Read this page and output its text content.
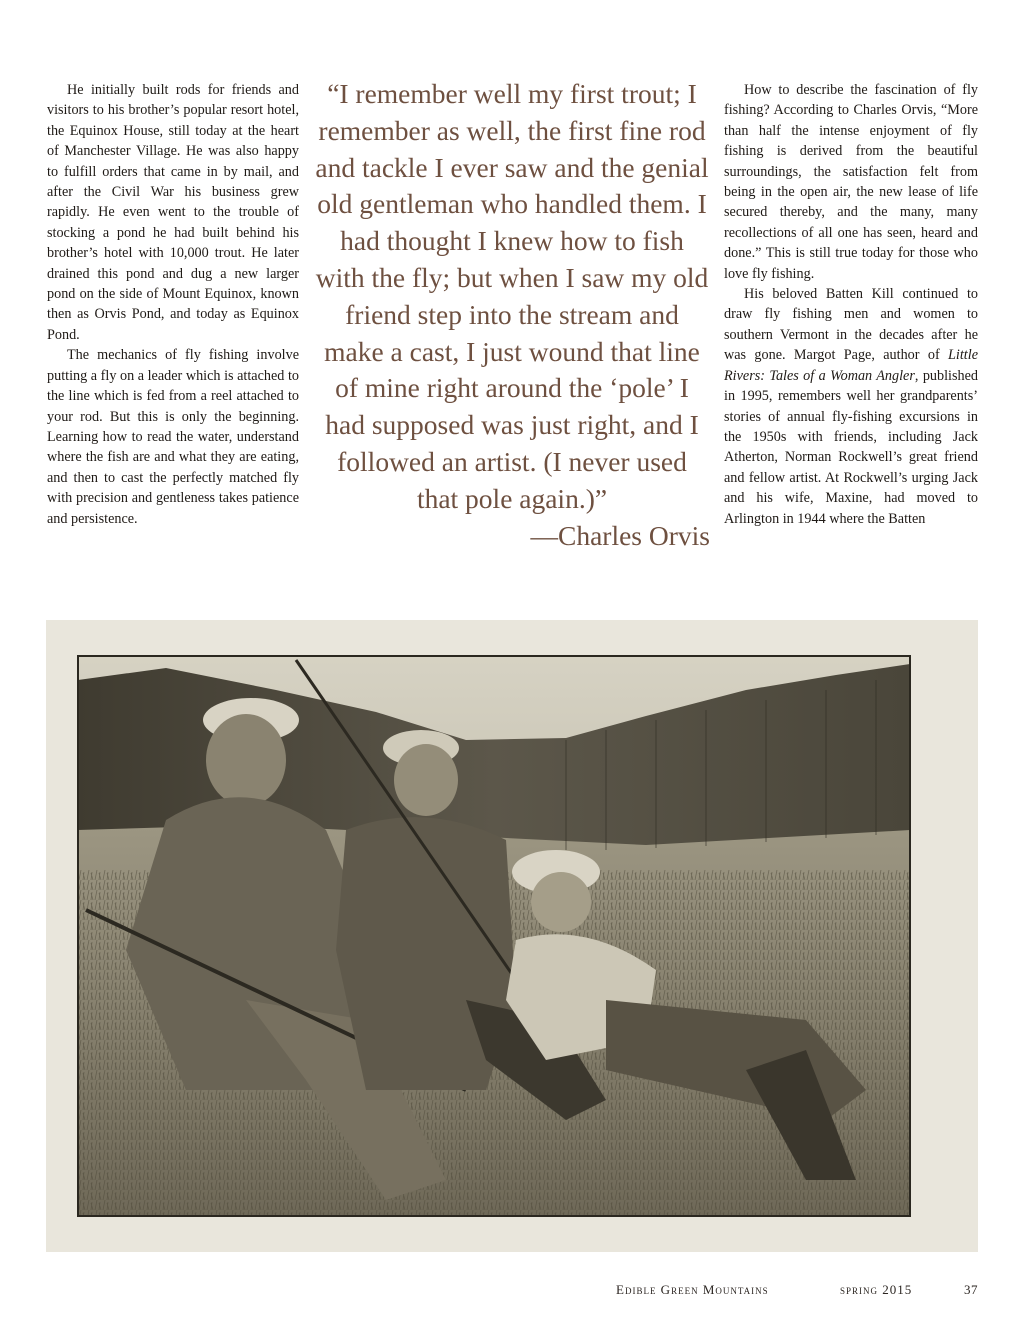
He initially built rods for friends and visitors to his brother’s popular resort hotel, the Equinox House, still today at the heart of Manchester Village. He was also happy to fulfill orders that came in by mail, and after the Civil War his business grew rapidly. He even went to the trouble of stocking a pond he had built behind his brother’s hotel with 10,000 trout. He later drained this pond and dug a new larger pond on the side of Mount Equinox, known then as Orvis Pond, and today as Equinox Pond.

The mechanics of fly fishing involve putting a fly on a leader which is attached to the line which is fed from a reel attached to your rod. But this is only the beginning. Learning how to read the water, understand where the fish are and what they are eating, and then to cast the perfectly matched fly with precision and gentleness takes patience and persistence.

“I remember well my first trout; I remember as well, the first fine rod and tackle I ever saw and the genial old gentleman who handled them. I had thought I knew how to fish with the fly; but when I saw my old friend step into the stream and make a cast, I just wound that line of mine right around the ‘pole’ I had supposed was just right, and I followed an artist. (I never used that pole again.)”

—Charles Orvis

How to describe the fascination of fly fishing? According to Charles Orvis, “More than half the intense enjoyment of fly fishing is derived from the beautiful surroundings, the satisfaction felt from being in the open air, the new lease of life secured thereby, and the many, many recollections of all one has seen, heard and done.” This is still true today for those who love fly fishing.

His beloved Batten Kill continued to draw fly fishing men and women to southern Vermont in the decades after he was gone. Margot Page, author of Little Rivers: Tales of a Woman Angler, published in 1995, remembers well her grandparents’ stories of annual fly-fishing excursions in the 1950s with friends, including Jack Atherton, Norman Rockwell’s great friend and fellow artist. At Rockwell’s urging Jack and his wife, Maxine, had moved to Arlington in 1944 where the Batten

Edible Green Mountains	spring 2015	37
